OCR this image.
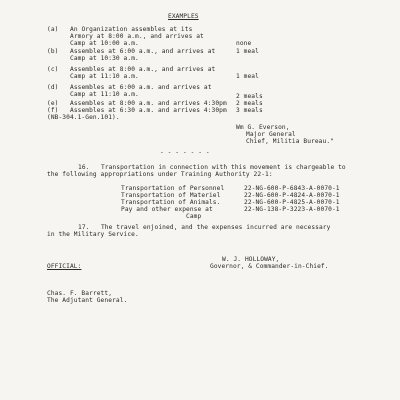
EXAMPLES
(a) An Organization assembles at its
Armory at 8:00 a.m., and arrives at
Camp at 10:00 a.m.	none
(b) Assembles at 6:00 a.m., and arrives at	1 meal
Camp at 10:30 a.m.
(c) Assembles at 8:00 a.m., and arrives at
Camp at 11:10 a.m.	1 meal
(d) Assembles at 6:00 a.m. and arrives at
Camp at 11:10 a.m.	2 meals
(e) Assembles at 8:00 a.m. and arrives 4:30pm 2 meals
(f) Assembles at 6:30 a.m. and arrives 4:30pm 3 meals
(NB-304.1-Gen.101).
Wm G. Everson,
Major General
Chief, Militia Bureau."
- - - - - - -
16.   Transportation in connection with this movement is chargeable to
the following appropriations under Training Authority 22-1:
Transportation of Personnel	22-NG-600-P-6843-A-0070-1
Transportation of Materiel	22-NG-600-P-4824-A-0070-1
Transportation of Animals.	22-NG-600-P-4825-A-0070-1
Pay and other expense at	22-NG-138-P-3223-A-0070-1
Camp
17.   The travel enjoined, and the expenses incurred are necessary
in the Military Service.
W. J. HOLLOWAY,
OFFICIAL:	Governor, & Commander-in-Chief.
Chas. F. Barrett,
The Adjutant General.
